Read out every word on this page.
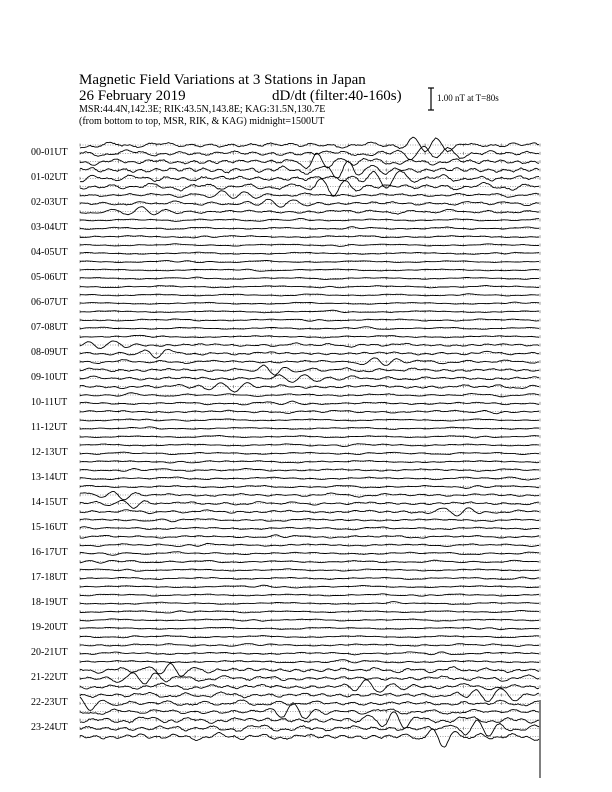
Magnetic Field Variations at 3 Stations in Japan
26 February 2019	dD/dt (filter:40-160s)
MSR:44.4N,142.3E; RIK:43.5N,143.8E; KAG:31.5N,130.7E
(from bottom to top, MSR, RIK, & KAG) midnight=1500UT
1.00 nT at T=80s
00-01UT
01-02UT
02-03UT
03-04UT
04-05UT
05-06UT
06-07UT
07-08UT
08-09UT
09-10UT
10-11UT
11-12UT
12-13UT
13-14UT
14-15UT
15-16UT
16-17UT
17-18UT
18-19UT
19-20UT
20-21UT
21-22UT
22-23UT
23-24UT
